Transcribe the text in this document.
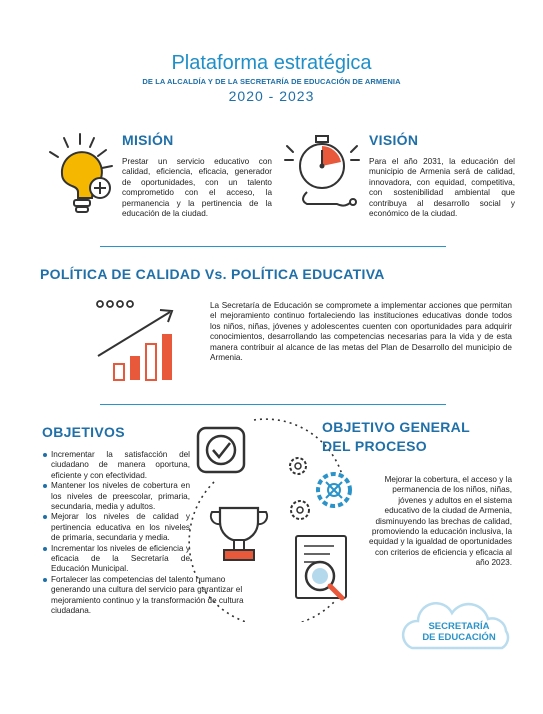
Plataforma estratégica
DE LA ALCALDÍA Y DE LA SECRETARÍA DE EDUCACIÓN DE ARMENIA
2020 - 2023
MISIÓN
Prestar un servicio educativo con calidad, eficiencia, eficacia, generador de oportunidades, con un talento comprometido con el acceso, la permanencia y la pertinencia de la educación de la ciudad.
VISIÓN
Para el año 2031, la educación del municipio de Armenia será de calidad, innovadora, con equidad, competitiva, con sostenibilidad ambiental que contribuya al desarrollo social y económico de la ciudad.
POLÍTICA DE CALIDAD Vs. POLÍTICA EDUCATIVA
La Secretaría de Educación se compromete a implementar acciones que permitan el mejoramiento continuo fortaleciendo las instituciones educativas donde todos los niños, niñas, jóvenes y adolescentes cuenten con oportunidades para adquirir conocimientos, desarrollando las competencias necesarias para la vida y de esta manera contribuir al alcance de las metas del Plan de Desarrollo del municipio de Armenia.
OBJETIVOS
Incrementar la satisfacción del ciudadano de manera oportuna, eficiente y con efectividad.
Mantener los niveles de cobertura en los niveles de preescolar, primaria, secundaria, media y adultos.
Mejorar los niveles de calidad y pertinencia educativa en los niveles de primaria, secundaria y media.
Incrementar los niveles de eficiencia y eficacia de la Secretaría de Educación Municipal.
Fortalecer las competencias del talento humano generando una cultura del servicio para garantizar el mejoramiento continuo y la transformación de cultura ciudadana.
OBJETIVO GENERAL
DEL PROCESO
Mejorar la cobertura, el acceso y la permanencia de los niños, niñas, jóvenes y adultos en el sistema educativo de la ciudad de Armenia, disminuyendo las brechas de calidad, promoviendo la educación inclusiva, la equidad y la igualdad de oportunidades con criterios de eficiencia y eficacia al año 2023.
SECRETARÍA
DE EDUCACIÓN
